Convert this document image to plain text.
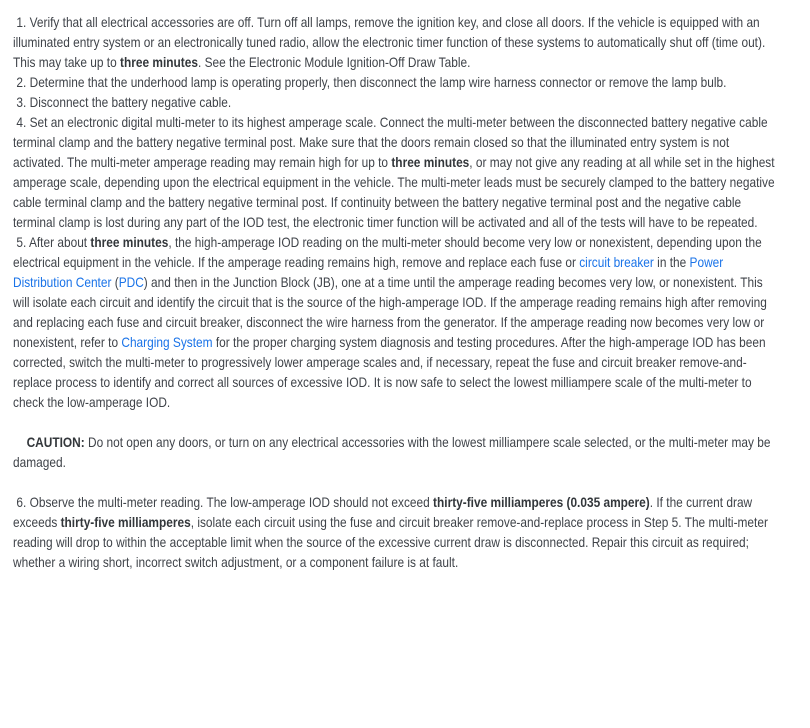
1. Verify that all electrical accessories are off. Turn off all lamps, remove the ignition key, and close all doors. If the vehicle is equipped with an illuminated entry system or an electronically tuned radio, allow the electronic timer function of these systems to automatically shut off (time out). This may take up to three minutes. See the Electronic Module Ignition-Off Draw Table.

2. Determine that the underhood lamp is operating properly, then disconnect the lamp wire harness connector or remove the lamp bulb.

3. Disconnect the battery negative cable.

4. Set an electronic digital multi-meter to its highest amperage scale. Connect the multi-meter between the disconnected battery negative cable terminal clamp and the battery negative terminal post. Make sure that the doors remain closed so that the illuminated entry system is not activated. The multi-meter amperage reading may remain high for up to three minutes, or may not give any reading at all while set in the highest amperage scale, depending upon the electrical equipment in the vehicle. The multi-meter leads must be securely clamped to the battery negative cable terminal clamp and the battery negative terminal post. If continuity between the battery negative terminal post and the negative cable terminal clamp is lost during any part of the IOD test, the electronic timer function will be activated and all of the tests will have to be repeated.

5. After about three minutes, the high-amperage IOD reading on the multi-meter should become very low or nonexistent, depending upon the electrical equipment in the vehicle. If the amperage reading remains high, remove and replace each fuse or circuit breaker in the Power Distribution Center (PDC) and then in the Junction Block (JB), one at a time until the amperage reading becomes very low, or nonexistent. This will isolate each circuit and identify the circuit that is the source of the high-amperage IOD. If the amperage reading remains high after removing and replacing each fuse and circuit breaker, disconnect the wire harness from the generator. If the amperage reading now becomes very low or nonexistent, refer to Charging System for the proper charging system diagnosis and testing procedures. After the high-amperage IOD has been corrected, switch the multi-meter to progressively lower amperage scales and, if necessary, repeat the fuse and circuit breaker remove-and-replace process to identify and correct all sources of excessive IOD. It is now safe to select the lowest milliampere scale of the multi-meter to check the low-amperage IOD.

CAUTION: Do not open any doors, or turn on any electrical accessories with the lowest milliampere scale selected, or the multi-meter may be damaged.

6. Observe the multi-meter reading. The low-amperage IOD should not exceed thirty-five milliamperes (0.035 ampere). If the current draw exceeds thirty-five milliamperes, isolate each circuit using the fuse and circuit breaker remove-and-replace process in Step 5. The multi-meter reading will drop to within the acceptable limit when the source of the excessive current draw is disconnected. Repair this circuit as required; whether a wiring short, incorrect switch adjustment, or a component failure is at fault.
